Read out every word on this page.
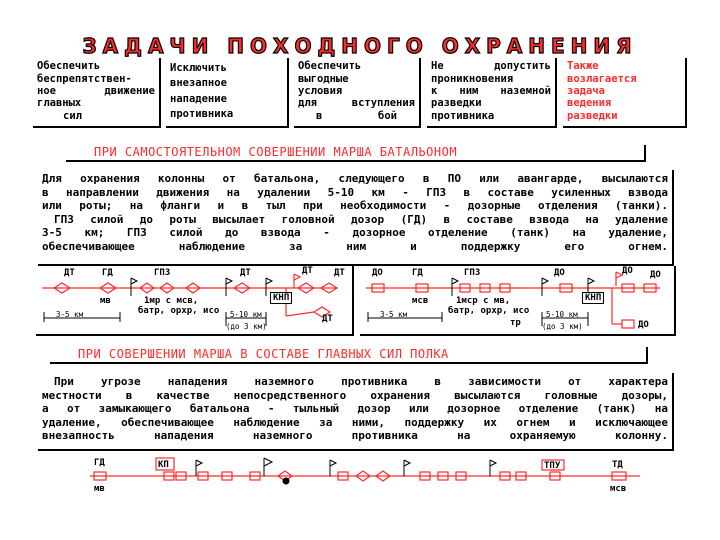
ЗАДАЧИ ПОХОДНОГО ОХРАНЕНИЯ
Обеспечить
беспрепятствен-
ное движение
главных
сил
Исключить
внезапное
нападение
противника
Обеспечить
выгодные
условия
для вступления
в бой
Не допустить
проникновения
к ним наземной
разведки
противника
Также
возлагается
задача
ведения
разведки
ПРИ САМОСТОЯТЕЛЬНОМ СОВЕРШЕНИИ МАРША БАТАЛЬОНОМ
Для охранения колонны от батальона, следующего в ПО или авангарде, высылаются
в направлении движения на удалении 5-10 км - ГПЗ в составе усиленных взвода
или роты; на фланги и в тыл при необходимости - дозорные отделения (танки).
ГПЗ силой до роты высылает головной дозор (ГД) в составе взвода на удаление
3-5 км; ГПЗ силой до взвода - дозорное отделение (танк) на удаление,
обеспечивающее наблюдение за ним и поддержку его огнем.
ДТ	ГД
мв
ГПЗ
1мр с мсв,
батр, орхр, исо
ДТ	ДТ ДТ
КНП
ДТ
3-5 км	5-10 км
(до 3 км)
ДО	ГД
мсв
ГПЗ
1мср с мв,
батр, орхр, исо
ДО	ДО ДО
КНП
тр	ДО
3-5 км	5-10 км
(до 3 км)
ПРИ СОВЕРШЕНИИ МАРША В СОСТАВЕ ГЛАВНЫХ СИЛ ПОЛКА
При угрозе нападения наземного противника в зависимости от характера
местности в качестве непосредственного охранения высылаются головные дозоры,
а от замыкающего батальона - тыльный дозор или дозорное отделение (танк) на
удаление, обеспечивающее наблюдение за ними, поддержку их огнем и исключающее
внезапность нападения наземного противника на охраняемую колонну.
ГД
мв
КП	ТПУ	ТД
мсв
